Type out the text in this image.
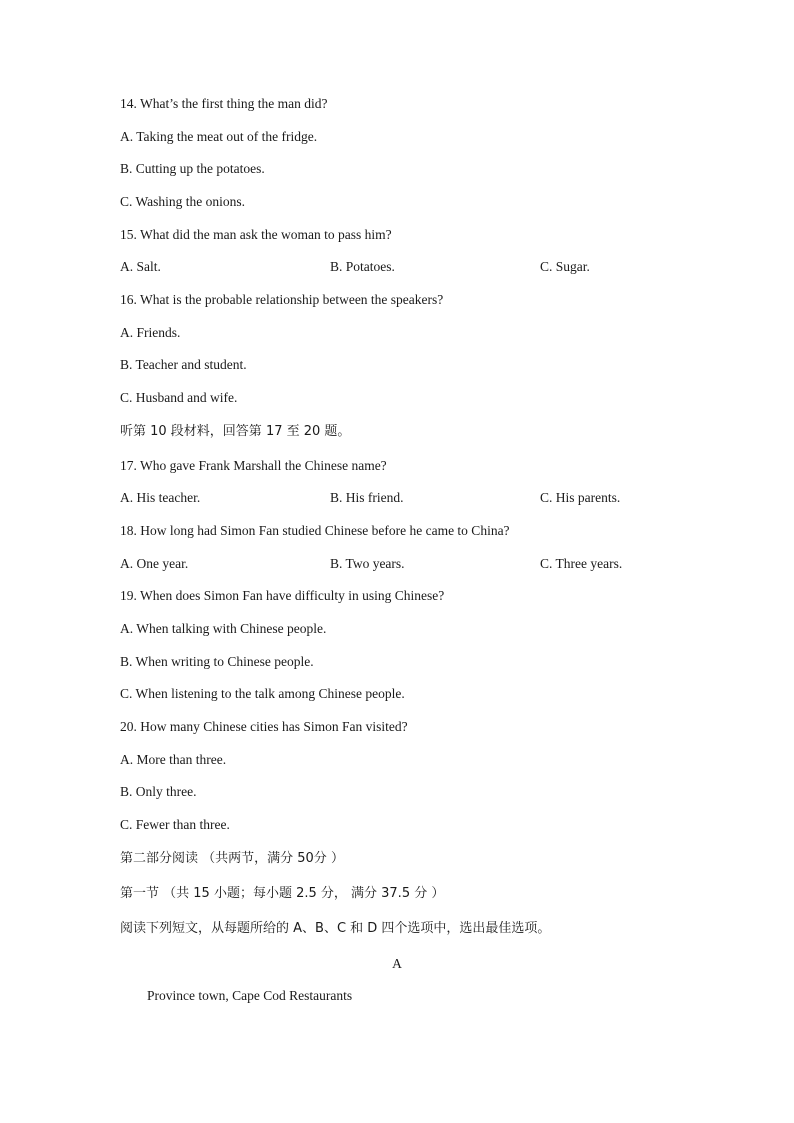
14. What’s the first thing the man did?
A. Taking the meat out of the fridge.
B. Cutting up the potatoes.
C. Washing the onions.
15. What did the man ask the woman to pass him?
A. Salt.	B. Potatoes.	C. Sugar.
16. What is the probable relationship between the speakers?
A. Friends.
B. Teacher and student.
C. Husband and wife.
听第 10 段材料，回答第 17 至 20 题。
17. Who gave Frank Marshall the Chinese name?
A. His teacher.	B. His friend.	C. His parents.
18. How long had Simon Fan studied Chinese before he came to China?
A. One year.	B. Two years.	C. Three years.
19. When does Simon Fan have difficulty in using Chinese?
A. When talking with Chinese people.
B. When writing to Chinese people.
C. When listening to the talk among Chinese people.
20. How many Chinese cities has Simon Fan visited?
A. More than three.
B. Only three.
C. Fewer than three.
第二部分阅读 （共两节，满分 50分 ）
第一节 （共 15 小题；每小题 2.5 分， 满分 37.5 分 ）
阅读下列短文，从每题所给的 A、B、C 和 D 四个选项中，选出最佳选项。
A
Province town, Cape Cod Restaurants
